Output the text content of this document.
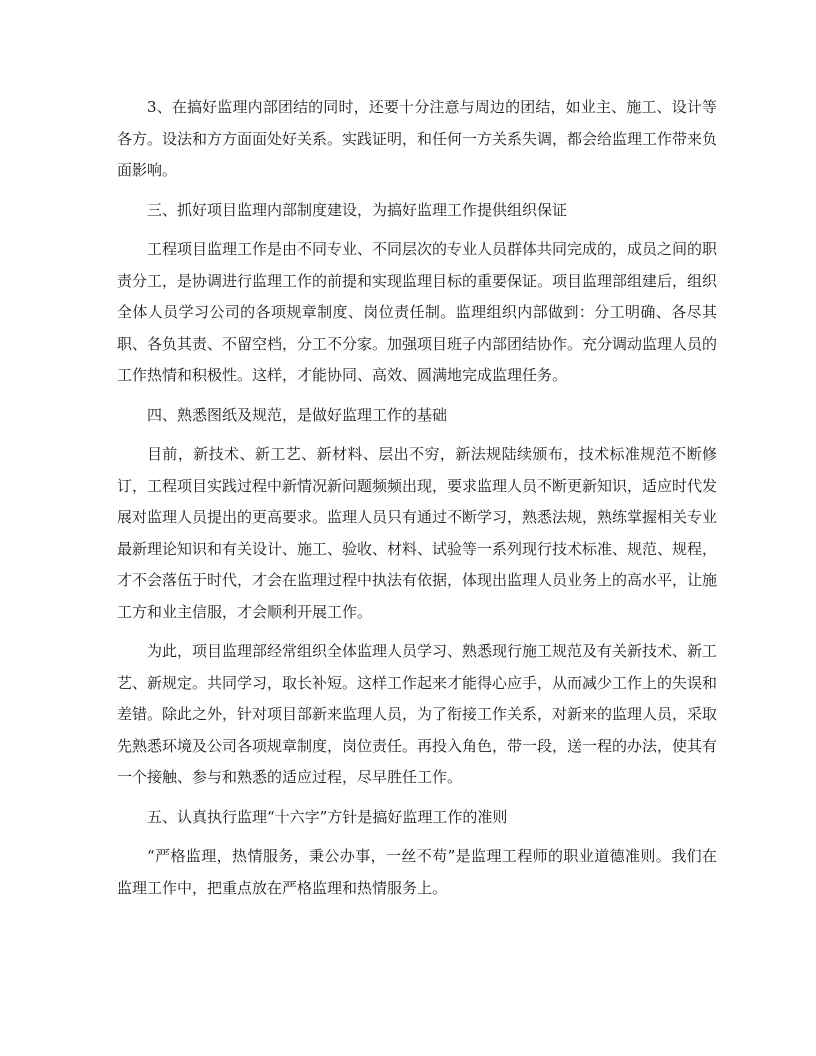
3、在搞好监理内部团结的同时，还要十分注意与周边的团结，如业主、施工、设计等各方。设法和方方面面处好关系。实践证明，和任何一方关系失调，都会给监理工作带来负面影响。

三、抓好项目监理内部制度建设，为搞好监理工作提供组织保证

工程项目监理工作是由不同专业、不同层次的专业人员群体共同完成的，成员之间的职责分工，是协调进行监理工作的前提和实现监理目标的重要保证。项目监理部组建后，组织全体人员学习公司的各项规章制度、岗位责任制。监理组织内部做到：分工明确、各尽其职、各负其责、不留空档，分工不分家。加强项目班子内部团结协作。充分调动监理人员的工作热情和积极性。这样，才能协同、高效、圆满地完成监理任务。

四、熟悉图纸及规范，是做好监理工作的基础

目前，新技术、新工艺、新材料、层出不穷，新法规陆续颁布，技术标准规范不断修订，工程项目实践过程中新情况新问题频频出现，要求监理人员不断更新知识，适应时代发展对监理人员提出的更高要求。监理人员只有通过不断学习，熟悉法规，熟练掌握相关专业最新理论知识和有关设计、施工、验收、材料、试验等一系列现行技术标准、规范、规程，才不会落伍于时代，才会在监理过程中执法有依据，体现出监理人员业务上的高水平，让施工方和业主信服，才会顺利开展工作。

为此，项目监理部经常组织全体监理人员学习、熟悉现行施工规范及有关新技术、新工艺、新规定。共同学习，取长补短。这样工作起来才能得心应手，从而减少工作上的失误和差错。除此之外，针对项目部新来监理人员，为了衔接工作关系，对新来的监理人员，采取先熟悉环境及公司各项规章制度，岗位责任。再投入角色，带一段，送一程的办法，使其有一个接触、参与和熟悉的适应过程，尽早胜任工作。

五、认真执行监理“十六字”方针是搞好监理工作的准则

“严格监理，热情服务，秉公办事，一丝不苟”是监理工程师的职业道德准则。我们在监理工作中，把重点放在严格监理和热情服务上。
